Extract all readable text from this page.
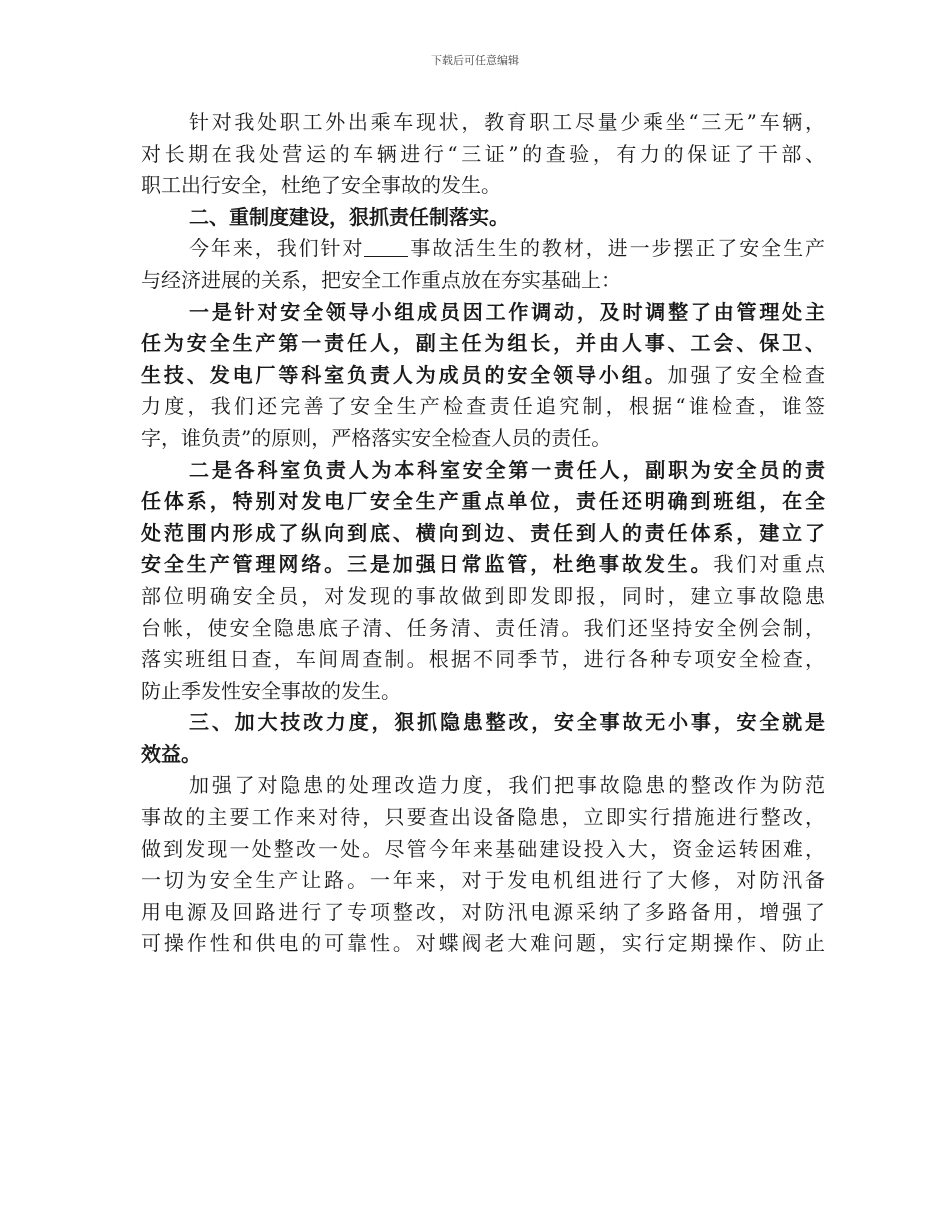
下载后可任意编辑
针对我处职工外出乘车现状，教育职工尽量少乘坐“三无”车辆，
对长期在我处营运的车辆进行“三证”的查验，有力的保证了干部、
职工出行安全，杜绝了安全事故的发生。
二、重制度建设，狠抓责任制落实。
今年来，我们针对 事故活生生的教材，进一步摆正了安全生产
与经济进展的关系，把安全工作重点放在夯实基础上：
一是针对安全领导小组成员因工作调动，及时调整了由管理处主
任为安全生产第一责任人，副主任为组长，并由人事、工会、保卫、
生技、发电厂等科室负责人为成员的安全领导小组。加强了安全检查
力度，我们还完善了安全生产检查责任追究制，根据“谁检查，谁签
字，谁负责”的原则，严格落实安全检查人员的责任。
二是各科室负责人为本科室安全第一责任人，副职为安全员的责
任体系，特别对发电厂安全生产重点单位，责任还明确到班组，在全
处范围内形成了纵向到底、横向到边、责任到人的责任体系，建立了
安全生产管理网络。三是加强日常监管，杜绝事故发生。我们对重点
部位明确安全员，对发现的事故做到即发即报，同时，建立事故隐患
台帐，使安全隐患底子清、任务清、责任清。我们还坚持安全例会制，
落实班组日查，车间周查制。根据不同季节，进行各种专项安全检查，
防止季发性安全事故的发生。
三、加大技改力度，狠抓隐患整改，安全事故无小事，安全就是
效益。
加强了对隐患的处理改造力度，我们把事故隐患的整改作为防范
事故的主要工作来对待，只要查出设备隐患，立即实行措施进行整改，
做到发现一处整改一处。尽管今年来基础建设投入大，资金运转困难，
一切为安全生产让路。一年来，对于发电机组进行了大修，对防汛备
用电源及回路进行了专项整改，对防汛电源采纳了多路备用，增强了
可操作性和供电的可靠性。对蝶阀老大难问题，实行定期操作、防止
